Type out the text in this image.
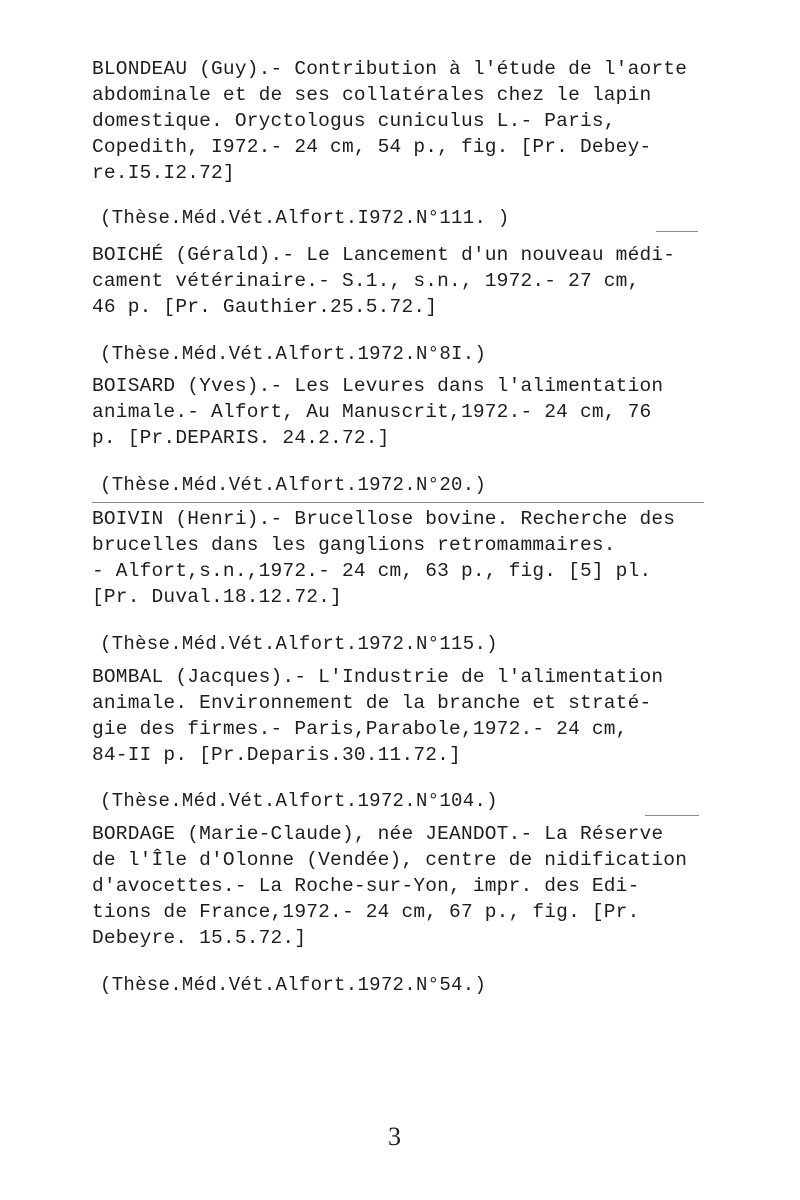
BLONDEAU (Guy).- Contribution à l'étude de l'aorte
abdominale et de ses collatérales chez le lapin
domestique. Oryctologus cuniculus L.- Paris,
Copedith, I972.- 24 cm, 54 p., fig. [Pr. Debey-
re.I5.I2.72]
(Thèse.Méd.Vét.Alfort.I972.N°111. )
BOICHÉ (Gérald).- Le Lancement d'un nouveau médi-
cament vétérinaire.- S.1., s.n., 1972.- 27 cm,
46 p. [Pr. Gauthier.25.5.72.]
(Thèse.Méd.Vét.Alfort.1972.N°8I.)
BOISARD (Yves).- Les Levures dans l'alimentation
animale.- Alfort, Au Manuscrit,1972.- 24 cm, 76
p. [Pr.DEPARIS. 24.2.72.]
(Thèse.Méd.Vét.Alfort.1972.N°20.)
BOIVIN (Henri).- Brucellose bovine. Recherche des
brucelles dans les ganglions retromammaires.
- Alfort,s.n.,1972.- 24 cm, 63 p., fig. [5] pl.
[Pr. Duval.18.12.72.]
(Thèse.Méd.Vét.Alfort.1972.N°115.)
BOMBAL (Jacques).- L'Industrie de l'alimentation
animale. Environnement de la branche et straté-
gie des firmes.- Paris,Parabole,1972.- 24 cm,
84-II p. [Pr.Deparis.30.11.72.]
(Thèse.Méd.Vét.Alfort.1972.N°104.)
BORDAGE (Marie-Claude), née JEANDOT.- La Réserve
de l'Île d'Olonne (Vendée), centre de nidification
d'avocettes.- La Roche-sur-Yon, impr. des Edi-
tions de France,1972.- 24 cm, 67 p., fig. [Pr.
Debeyre. 15.5.72.]
(Thèse.Méd.Vét.Alfort.1972.N°54.)
3
